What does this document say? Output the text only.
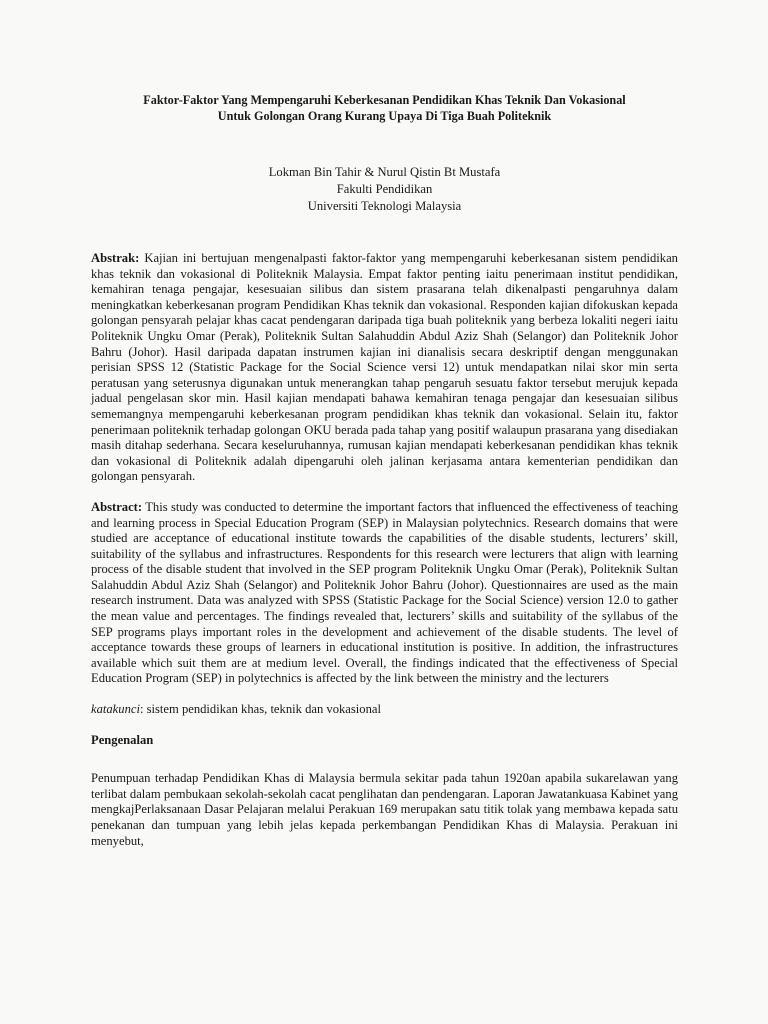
Faktor-Faktor Yang Mempengaruhi Keberkesanan Pendidikan Khas Teknik Dan Vokasional
Untuk Golongan Orang Kurang Upaya Di Tiga Buah Politeknik
Lokman Bin Tahir & Nurul Qistin Bt Mustafa
Fakulti Pendidikan
Universiti Teknologi Malaysia

Abstrak: Kajian ini bertujuan mengenalpasti faktor-faktor yang mempengaruhi keberkesanan sistem pendidikan khas teknik dan vokasional di Politeknik Malaysia. Empat faktor penting iaitu penerimaan institut pendidikan, kemahiran tenaga pengajar, kesesuaian silibus dan sistem prasarana telah dikenalpasti pengaruhnya dalam meningkatkan keberkesanan program Pendidikan Khas teknik dan vokasional. Responden kajian difokuskan kepada golongan pensyarah pelajar khas cacat pendengaran daripada tiga buah politeknik yang berbeza lokaliti negeri iaitu Politeknik Ungku Omar (Perak), Politeknik Sultan Salahuddin Abdul Aziz Shah (Selangor) dan Politeknik Johor Bahru (Johor). Hasil daripada dapatan instrumen kajian ini dianalisis secara deskriptif dengan menggunakan perisian SPSS 12 (Statistic Package for the Social Science versi 12) untuk mendapatkan nilai skor min serta peratusan yang seterusnya digunakan untuk menerangkan tahap pengaruh sesuatu faktor tersebut merujuk kepada jadual pengelasan skor min. Hasil kajian mendapati bahawa kemahiran tenaga pengajar dan kesesuaian silibus sememangnya mempengaruhi keberkesanan program pendidikan khas teknik dan vokasional. Selain itu, faktor penerimaan politeknik terhadap golongan OKU berada pada tahap yang positif walaupun prasarana yang disediakan masih ditahap sederhana. Secara keseluruhannya, rumusan kajian mendapati keberkesanan pendidikan khas teknik dan vokasional di Politeknik adalah dipengaruhi oleh jalinan kerjasama antara kementerian pendidikan dan golongan pensyarah.

Abstract: This study was conducted to determine the important factors that influenced the effectiveness of teaching and learning process in Special Education Program (SEP) in Malaysian polytechnics. Research domains that were studied are acceptance of educational institute towards the capabilities of the disable students, lecturers’ skill, suitability of the syllabus and infrastructures. Respondents for this research were lecturers that align with learning process of the disable student that involved in the SEP program Politeknik Ungku Omar (Perak), Politeknik Sultan Salahuddin Abdul Aziz Shah (Selangor) and Politeknik Johor Bahru (Johor). Questionnaires are used as the main research instrument. Data was analyzed with SPSS (Statistic Package for the Social Science) version 12.0 to gather the mean value and percentages. The findings revealed that, lecturers’ skills and suitability of the syllabus of the SEP programs plays important roles in the development and achievement of the disable students. The level of acceptance towards these groups of learners in educational institution is positive. In addition, the infrastructures available which suit them are at medium level. Overall, the findings indicated that the effectiveness of Special Education Program (SEP) in polytechnics is affected by the link between the ministry and the lecturers

katakunci: sistem pendidikan khas, teknik dan vokasional

Pengenalan

Penumpuan terhadap Pendidikan Khas di Malaysia bermula sekitar pada tahun 1920an apabila sukarelawan yang terlibat dalam pembukaan sekolah-sekolah cacat penglihatan dan pendengaran. Laporan Jawatankuasa Kabinet yang mengkajPerlaksanaan Dasar Pelajaran melalui Perakuan 169 merupakan satu titik tolak yang membawa kepada satu penekanan dan tumpuan yang lebih jelas kepada perkembangan Pendidikan Khas di Malaysia. Perakuan ini menyebut,
